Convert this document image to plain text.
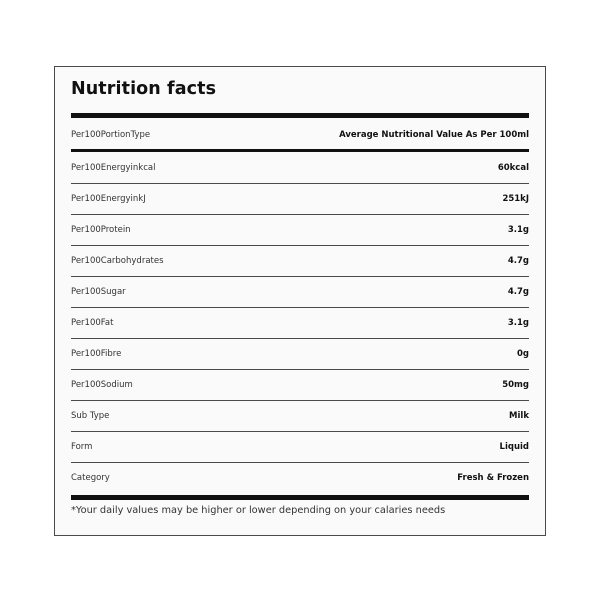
Nutrition facts
Per100PortionType	Average Nutritional Value As Per 100ml
Per100Energyinkcal	60kcal
Per100EnergyinkJ	251kJ
Per100Protein	3.1g
Per100Carbohydrates	4.7g
Per100Sugar	4.7g
Per100Fat	3.1g
Per100Fibre	0g
Per100Sodium	50mg
Sub Type	Milk
Form	Liquid
Category	Fresh & Frozen
*Your daily values may be higher or lower depending on your calaries needs
